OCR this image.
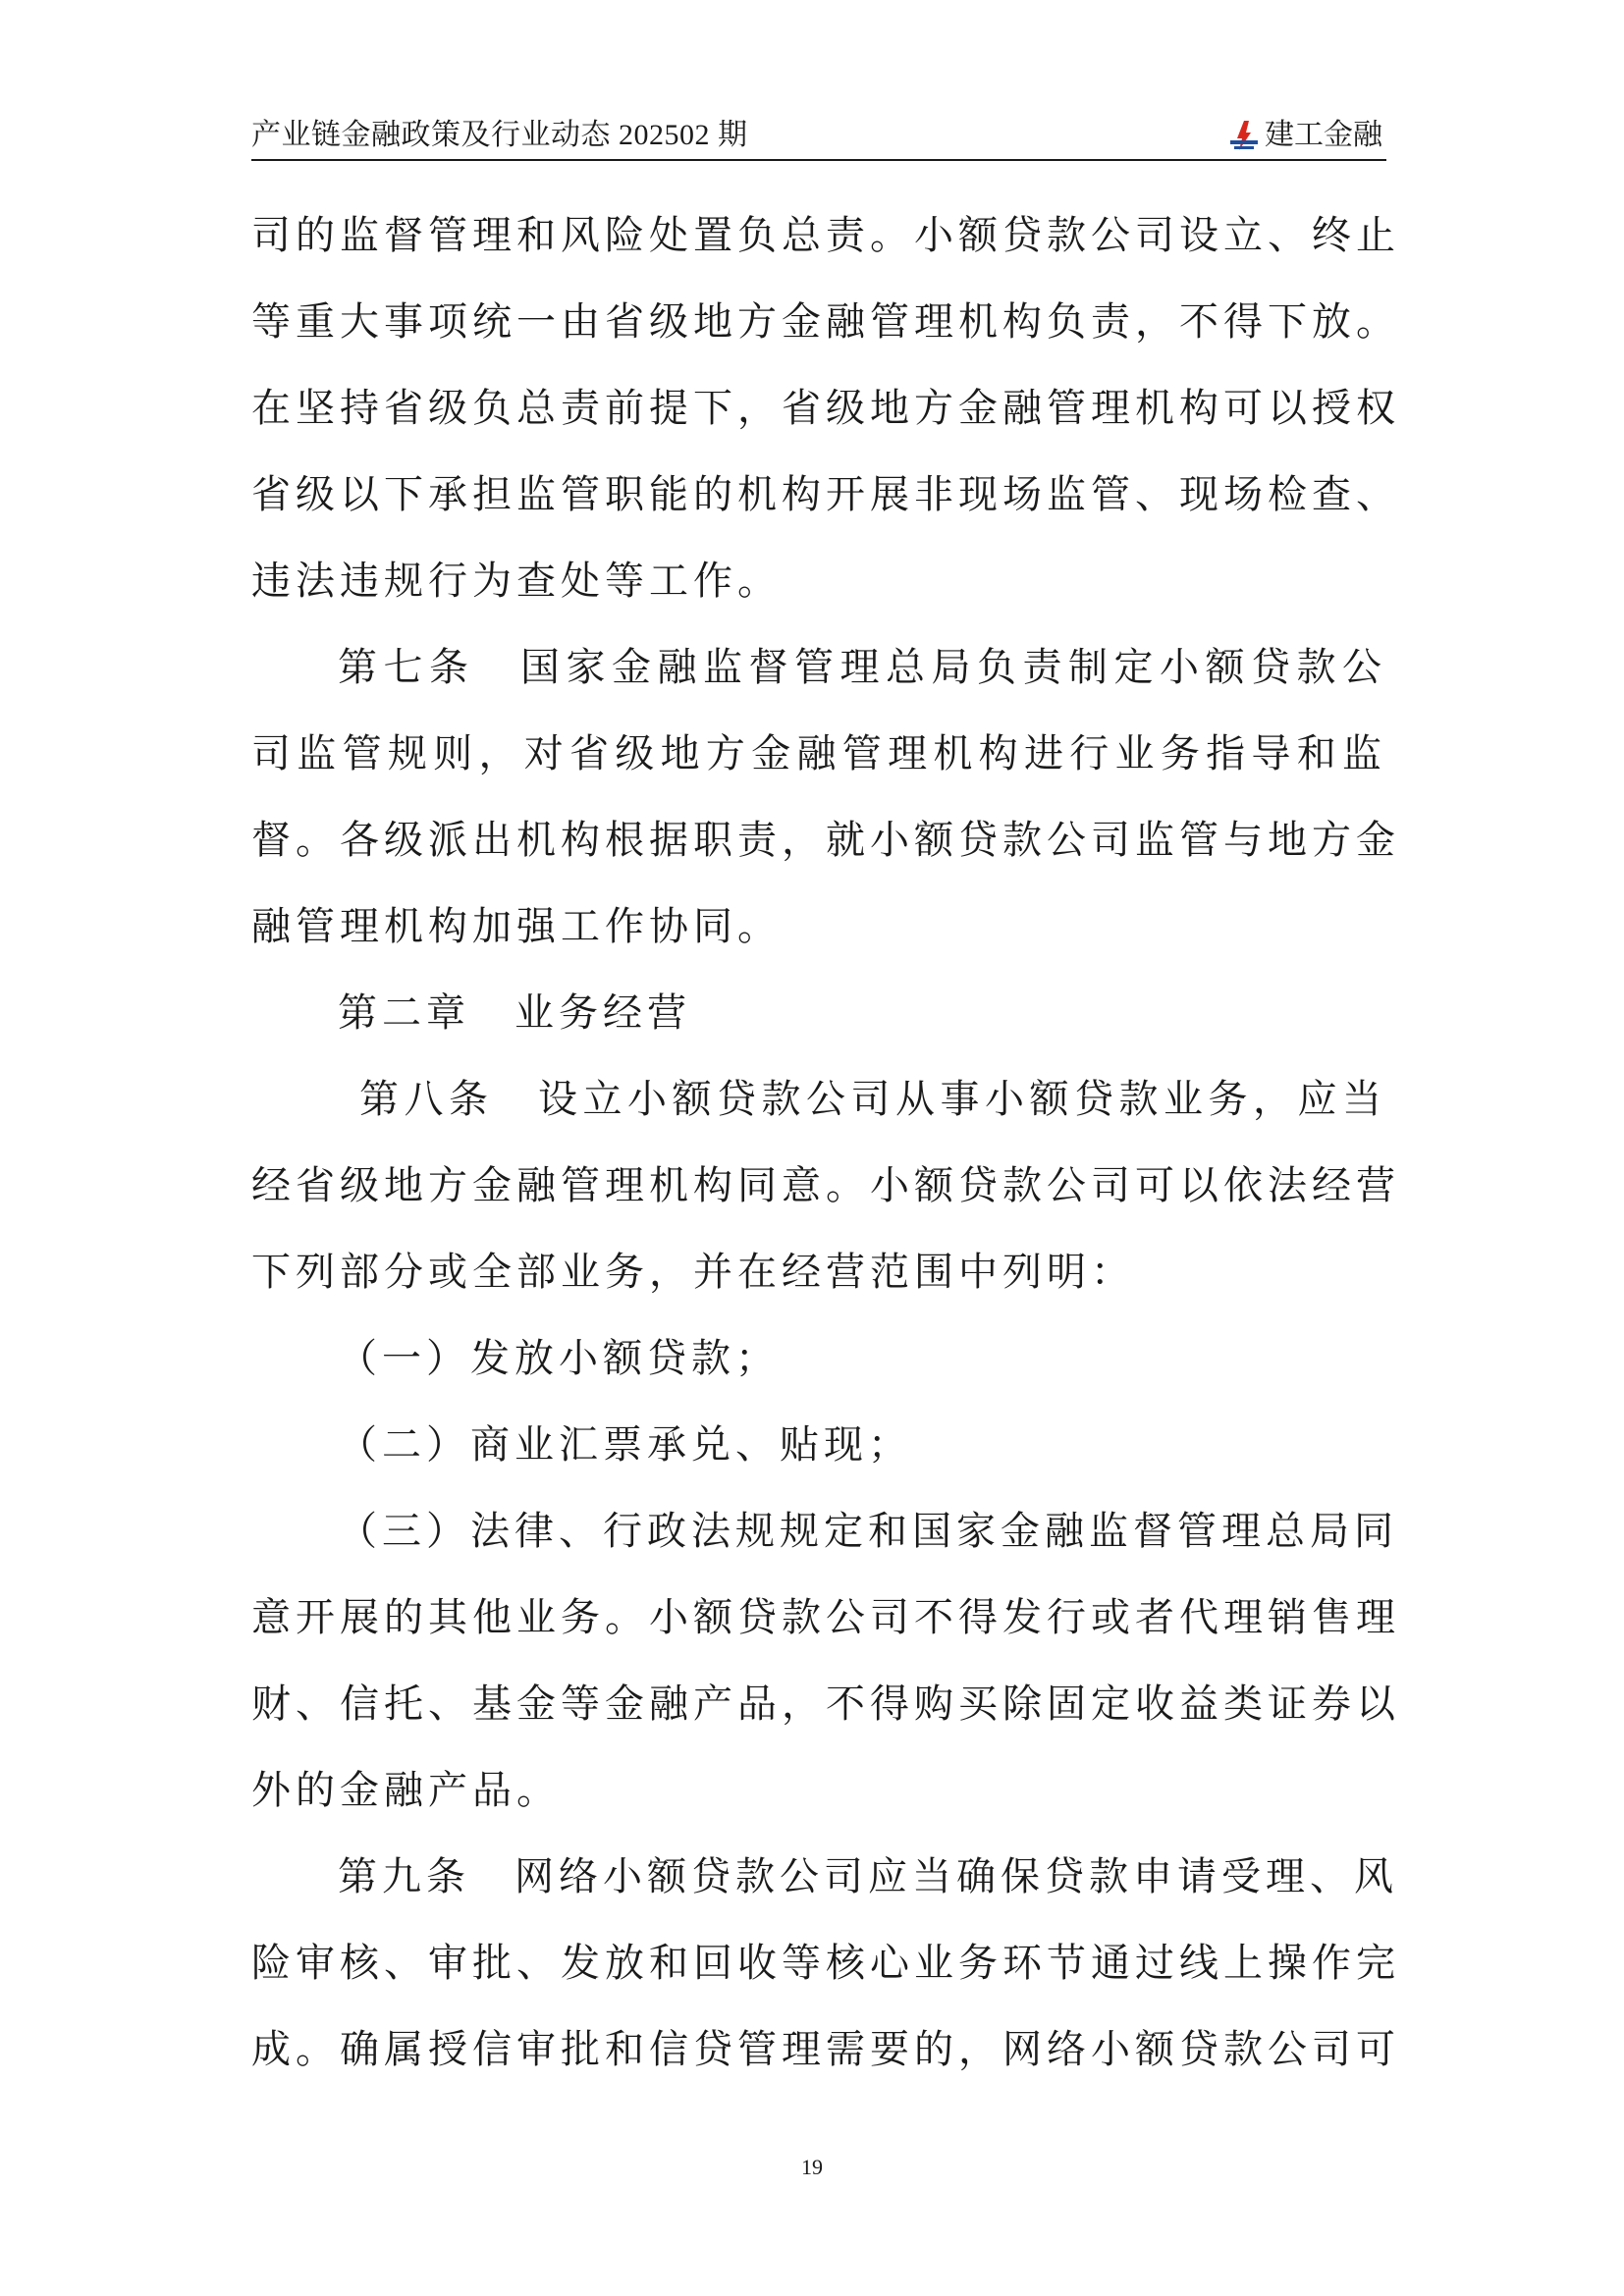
产业链金融政策及行业动态 202502 期	建工金融

司的监督管理和风险处置负总责。小额贷款公司设立、终止
等重大事项统一由省级地方金融管理机构负责，不得下放。
在坚持省级负总责前提下，省级地方金融管理机构可以授权
省级以下承担监管职能的机构开展非现场监管、现场检查、
违法违规行为查处等工作。

第七条　国家金融监督管理总局负责制定小额贷款公
司监管规则，对省级地方金融管理机构进行业务指导和监
督。各级派出机构根据职责，就小额贷款公司监管与地方金
融管理机构加强工作协同。

第二章　业务经营

第八条　设立小额贷款公司从事小额贷款业务，应当
经省级地方金融管理机构同意。小额贷款公司可以依法经营
下列部分或全部业务，并在经营范围中列明：

（一）发放小额贷款；

（二）商业汇票承兑、贴现；

（三）法律、行政法规规定和国家金融监督管理总局同
意开展的其他业务。小额贷款公司不得发行或者代理销售理
财、信托、基金等金融产品，不得购买除固定收益类证券以
外的金融产品。

第九条　网络小额贷款公司应当确保贷款申请受理、风
险审核、审批、发放和回收等核心业务环节通过线上操作完
成。确属授信审批和信贷管理需要的，网络小额贷款公司可

19
